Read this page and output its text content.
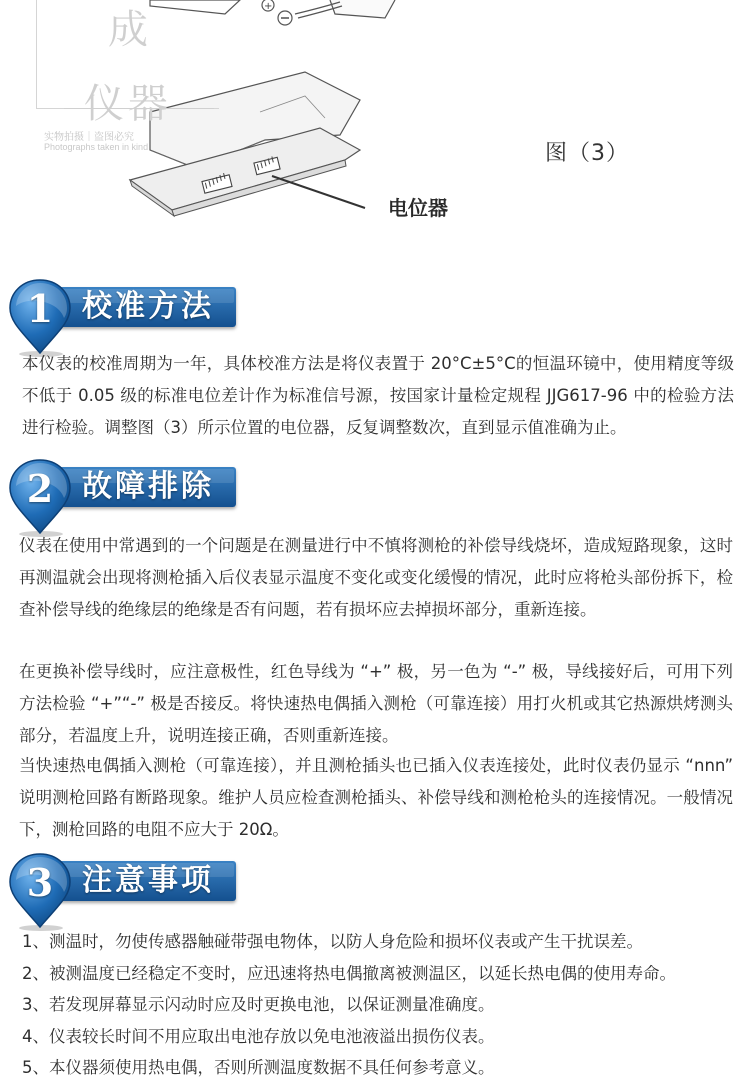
+
成
仪器
实物拍摄｜盗图必究
Photographs taken in kind	图（3）
电位器
1 校准方法

本仪表的校准周期为一年，具体校准方法是将仪表置于 20°C±5°C的恒温环镜中，使用精度等级不低于 0.05 级的标准电位差计作为标准信号源，按国家计量检定规程 JJG617-96 中的检验方法进行检验。调整图（3）所示位置的电位器，反复调整数次，直到显示值准确为止。

2 故障排除

仪表在使用中常遇到的一个问题是在测量进行中不慎将测枪的补偿导线烧坏，造成短路现象，这时再测温就会出现将测枪插入后仪表显示温度不变化或变化缓慢的情况，此时应将枪头部份拆下，检查补偿导线的绝缘层的绝缘是否有问题，若有损坏应去掉损坏部分，重新连接。

在更换补偿导线时，应注意极性，红色导线为 “+” 极，另一色为 “-” 极，导线接好后，可用下列方法检验 “+”“-” 极是否接反。将快速热电偶插入测枪（可靠连接）用打火机或其它热源烘烤测头部分，若温度上升，说明连接正确，否则重新连接。

当快速热电偶插入测枪（可靠连接），并且测枪插头也已插入仪表连接处，此时仪表仍显示 “nnn” 说明测枪回路有断路现象。维护人员应检查测枪插头、补偿导线和测枪枪头的连接情况。一般情况下，测枪回路的电阻不应大于 20Ω。

3 注意事项
1、测温时，勿使传感器触碰带强电物体，以防人身危险和损坏仪表或产生干扰误差。
2、被测温度已经稳定不变时，应迅速将热电偶撤离被测温区，以延长热电偶的使用寿命。
3、若发现屏幕显示闪动时应及时更换电池，以保证测量准确度。
4、仪表较长时间不用应取出电池存放以免电池液溢出损伤仪表。
5、本仪器须使用热电偶，否则所测温度数据不具任何参考意义。
